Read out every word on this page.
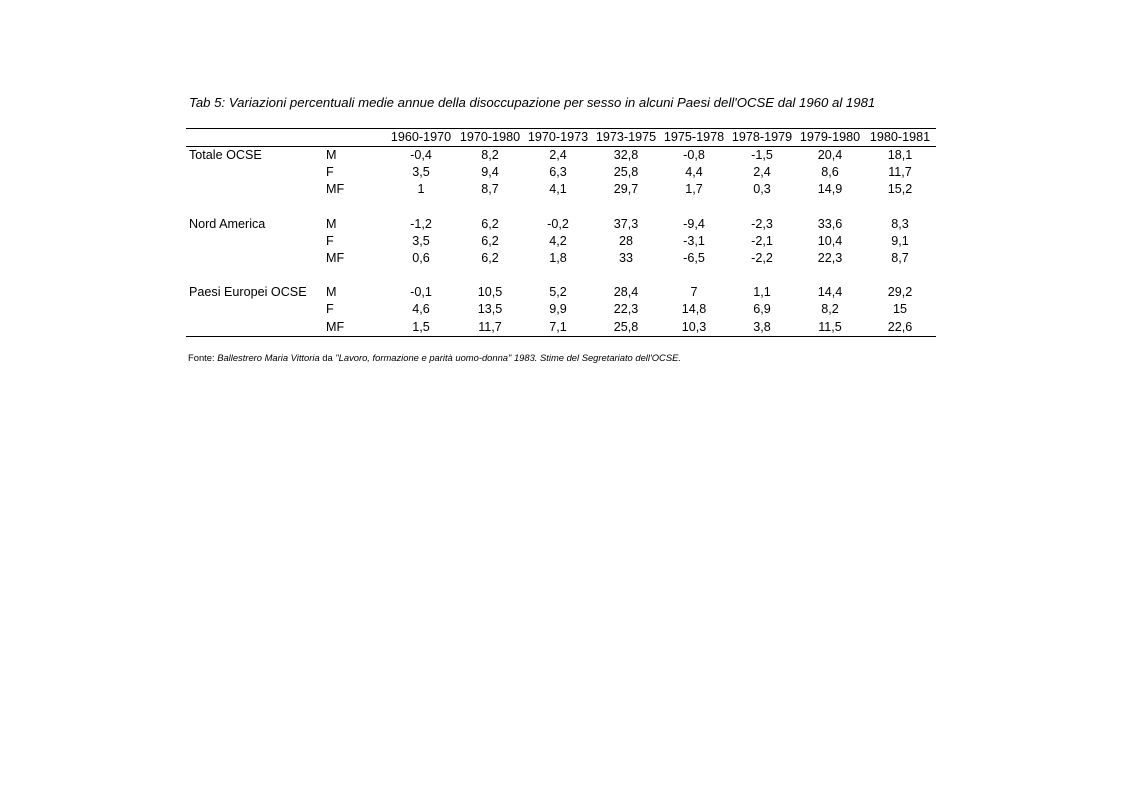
Tab 5: Variazioni percentuali medie annue della disoccupazione per sesso in alcuni Paesi dell'OCSE dal 1960 al 1981

		1960-1970	1970-1980	1970-1973	1973-1975	1975-1978	1978-1979	1979-1980	1980-1981
Totale OCSE	M	-0,4	8,2	2,4	32,8	-0,8	-1,5	20,4	18,1
	F	3,5	9,4	6,3	25,8	4,4	2,4	8,6	11,7
	MF	1	8,7	4,1	29,7	1,7	0,3	14,9	15,2

Nord America	M	-1,2	6,2	-0,2	37,3	-9,4	-2,3	33,6	8,3
	F	3,5	6,2	4,2	28	-3,1	-2,1	10,4	9,1
	MF	0,6	6,2	1,8	33	-6,5	-2,2	22,3	8,7

Paesi Europei OCSE	M	-0,1	10,5	5,2	28,4	7	1,1	14,4	29,2
	F	4,6	13,5	9,9	22,3	14,8	6,9	8,2	15
	MF	1,5	11,7	7,1	25,8	10,3	3,8	11,5	22,6
Fonte: Ballestrero Maria Vittoria da "Lavoro, formazione e parità uomo-donna" 1983. Stime del Segretariato dell'OCSE.
